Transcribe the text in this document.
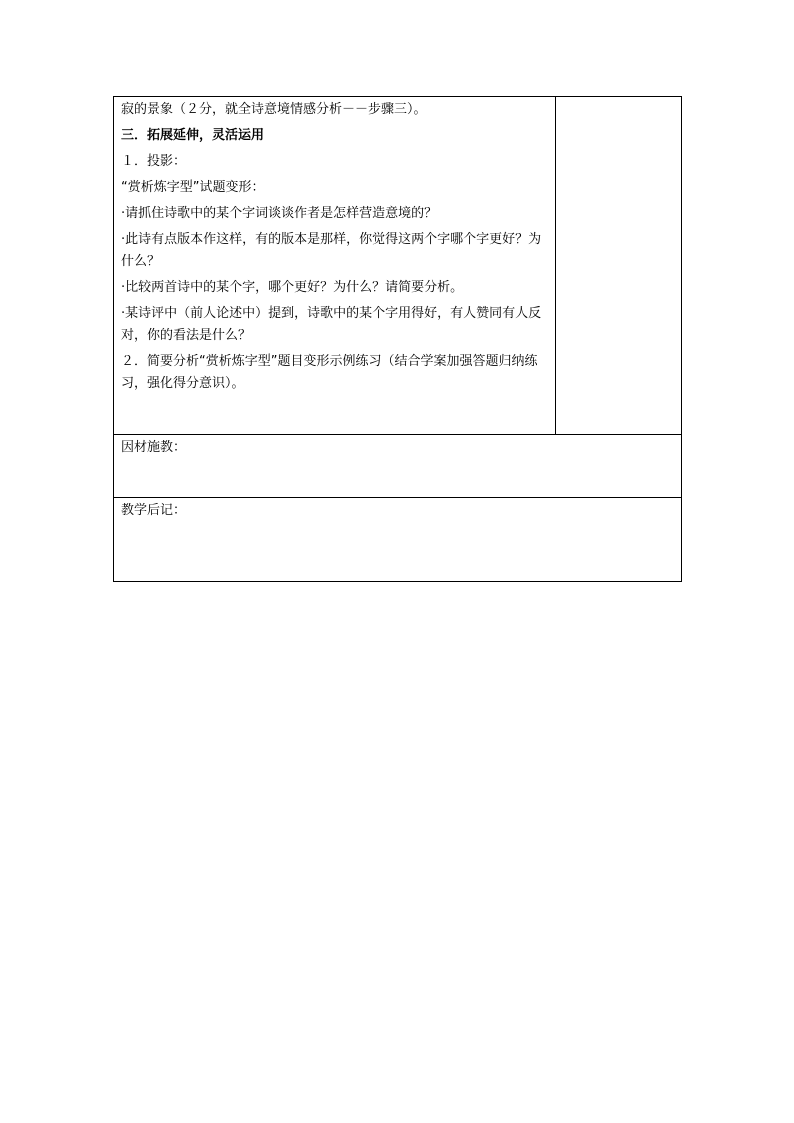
寂的景象（２分，就全诗意境情感分析－－步骤三）。

三．拓展延伸，灵活运用

１．投影：

“赏析炼字型”试题变形：

·请抓住诗歌中的某个字词谈谈作者是怎样营造意境的？

·此诗有点版本作这样，有的版本是那样，你觉得这两个字哪个字更好？为什么？

·比较两首诗中的某个字，哪个更好？为什么？请简要分析。

·某诗评中（前人论述中）提到，诗歌中的某个字用得好，有人赞同有人反对，你的看法是什么？

２．简要分析“赏析炼字型”题目变形示例练习（结合学案加强答题归纳练习，强化得分意识）。

因材施教：

教学后记：
